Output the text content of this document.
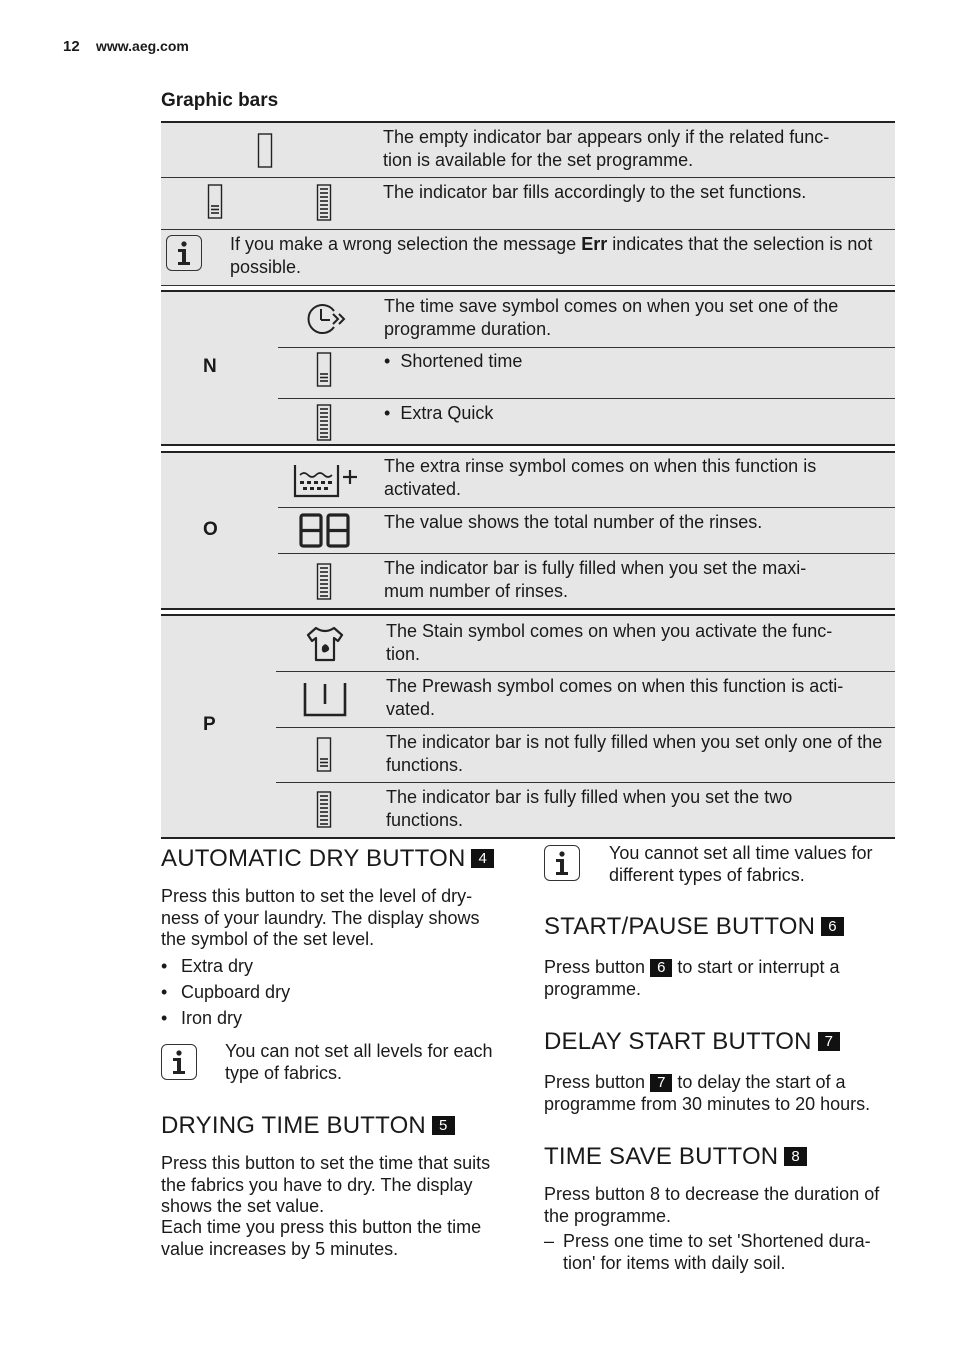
12 www.aeg.com
Graphic bars
The empty indicator bar appears only if the related func-
tion is available for the set programme.
The indicator bar fills accordingly to the set functions.
If you make a wrong selection the message Err indicates that the selection is not possible.
N
The time save symbol comes on when you set one of the programme duration.
•  Shortened time
•  Extra Quick
O
The extra rinse symbol comes on when this function is activated.
The value shows the total number of the rinses.
The indicator bar is fully filled when you set the maxi-
mum number of rinses.
P
The Stain symbol comes on when you activate the func-
tion.
The Prewash symbol comes on when this function is acti-
vated.
The indicator bar is not fully filled when you set only one of the functions.
The indicator bar is fully filled when you set the two functions.
AUTOMATIC DRY BUTTON 4
Press this button to set the level of dry-
ness of your laundry. The display shows the symbol of the set level.
• Extra dry
• Cupboard dry
• Iron dry
You can not set all levels for each type of fabrics.
DRYING TIME BUTTON 5
Press this button to set the time that suits the fabrics you have to dry. The display shows the set value.
Each time you press this button the time value increases by 5 minutes.
You cannot set all time values for different types of fabrics.
START/PAUSE BUTTON 6
Press button 6 to start or interrupt a programme.
DELAY START BUTTON 7
Press button 7 to delay the start of a programme from 30 minutes to 20 hours.
TIME SAVE BUTTON 8
Press button 8 to decrease the duration of the programme.
– Press one time to set 'Shortened dura-
tion' for items with daily soil.
